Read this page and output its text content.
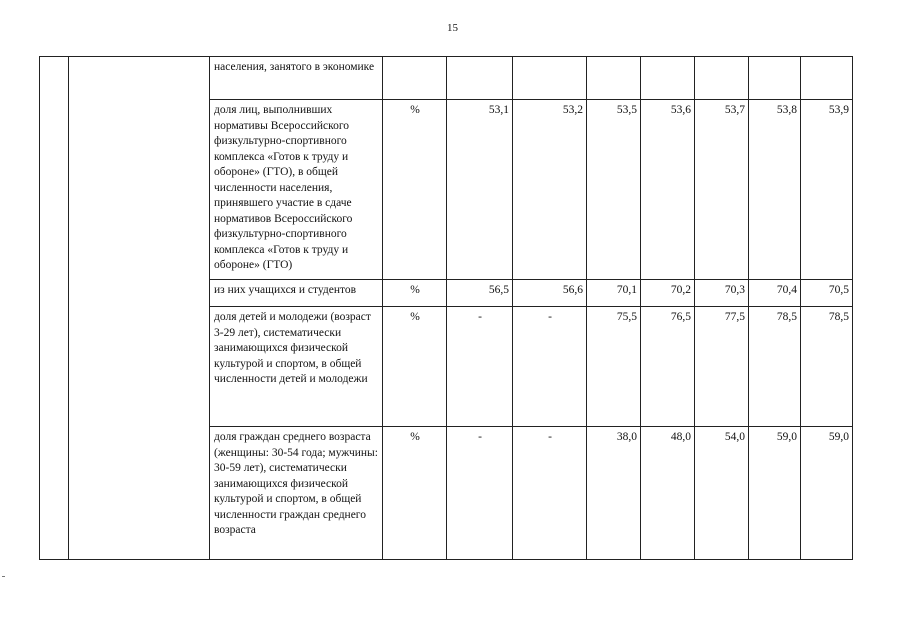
15
		населения, занятого в экономике								
		доля лиц, выполнивших нормативы Всероссийского физкультурно-спортивного комплекса «Готов к труду и обороне» (ГТО), в общей численности населения, принявшего участие в сдаче нормативов Всероссийского физкультурно-спортивного комплекса «Готов к труду и обороне» (ГТО)	%	53,1	53,2	53,5	53,6	53,7	53,8	53,9
		из них учащихся и студентов	%	56,5	56,6	70,1	70,2	70,3	70,4	70,5
		доля детей и молодежи (возраст 3-29 лет), систематически занимающихся физической культурой и спортом, в общей численности детей и молодежи	%	-	-	75,5	76,5	77,5	78,5	78,5
		доля граждан среднего возраста (женщины: 30-54 года; мужчины: 30-59 лет), систематически занимающихся физической культурой и спортом, в общей численности граждан среднего возраста	%	-	-	38,0	48,0	54,0	59,0	59,0
